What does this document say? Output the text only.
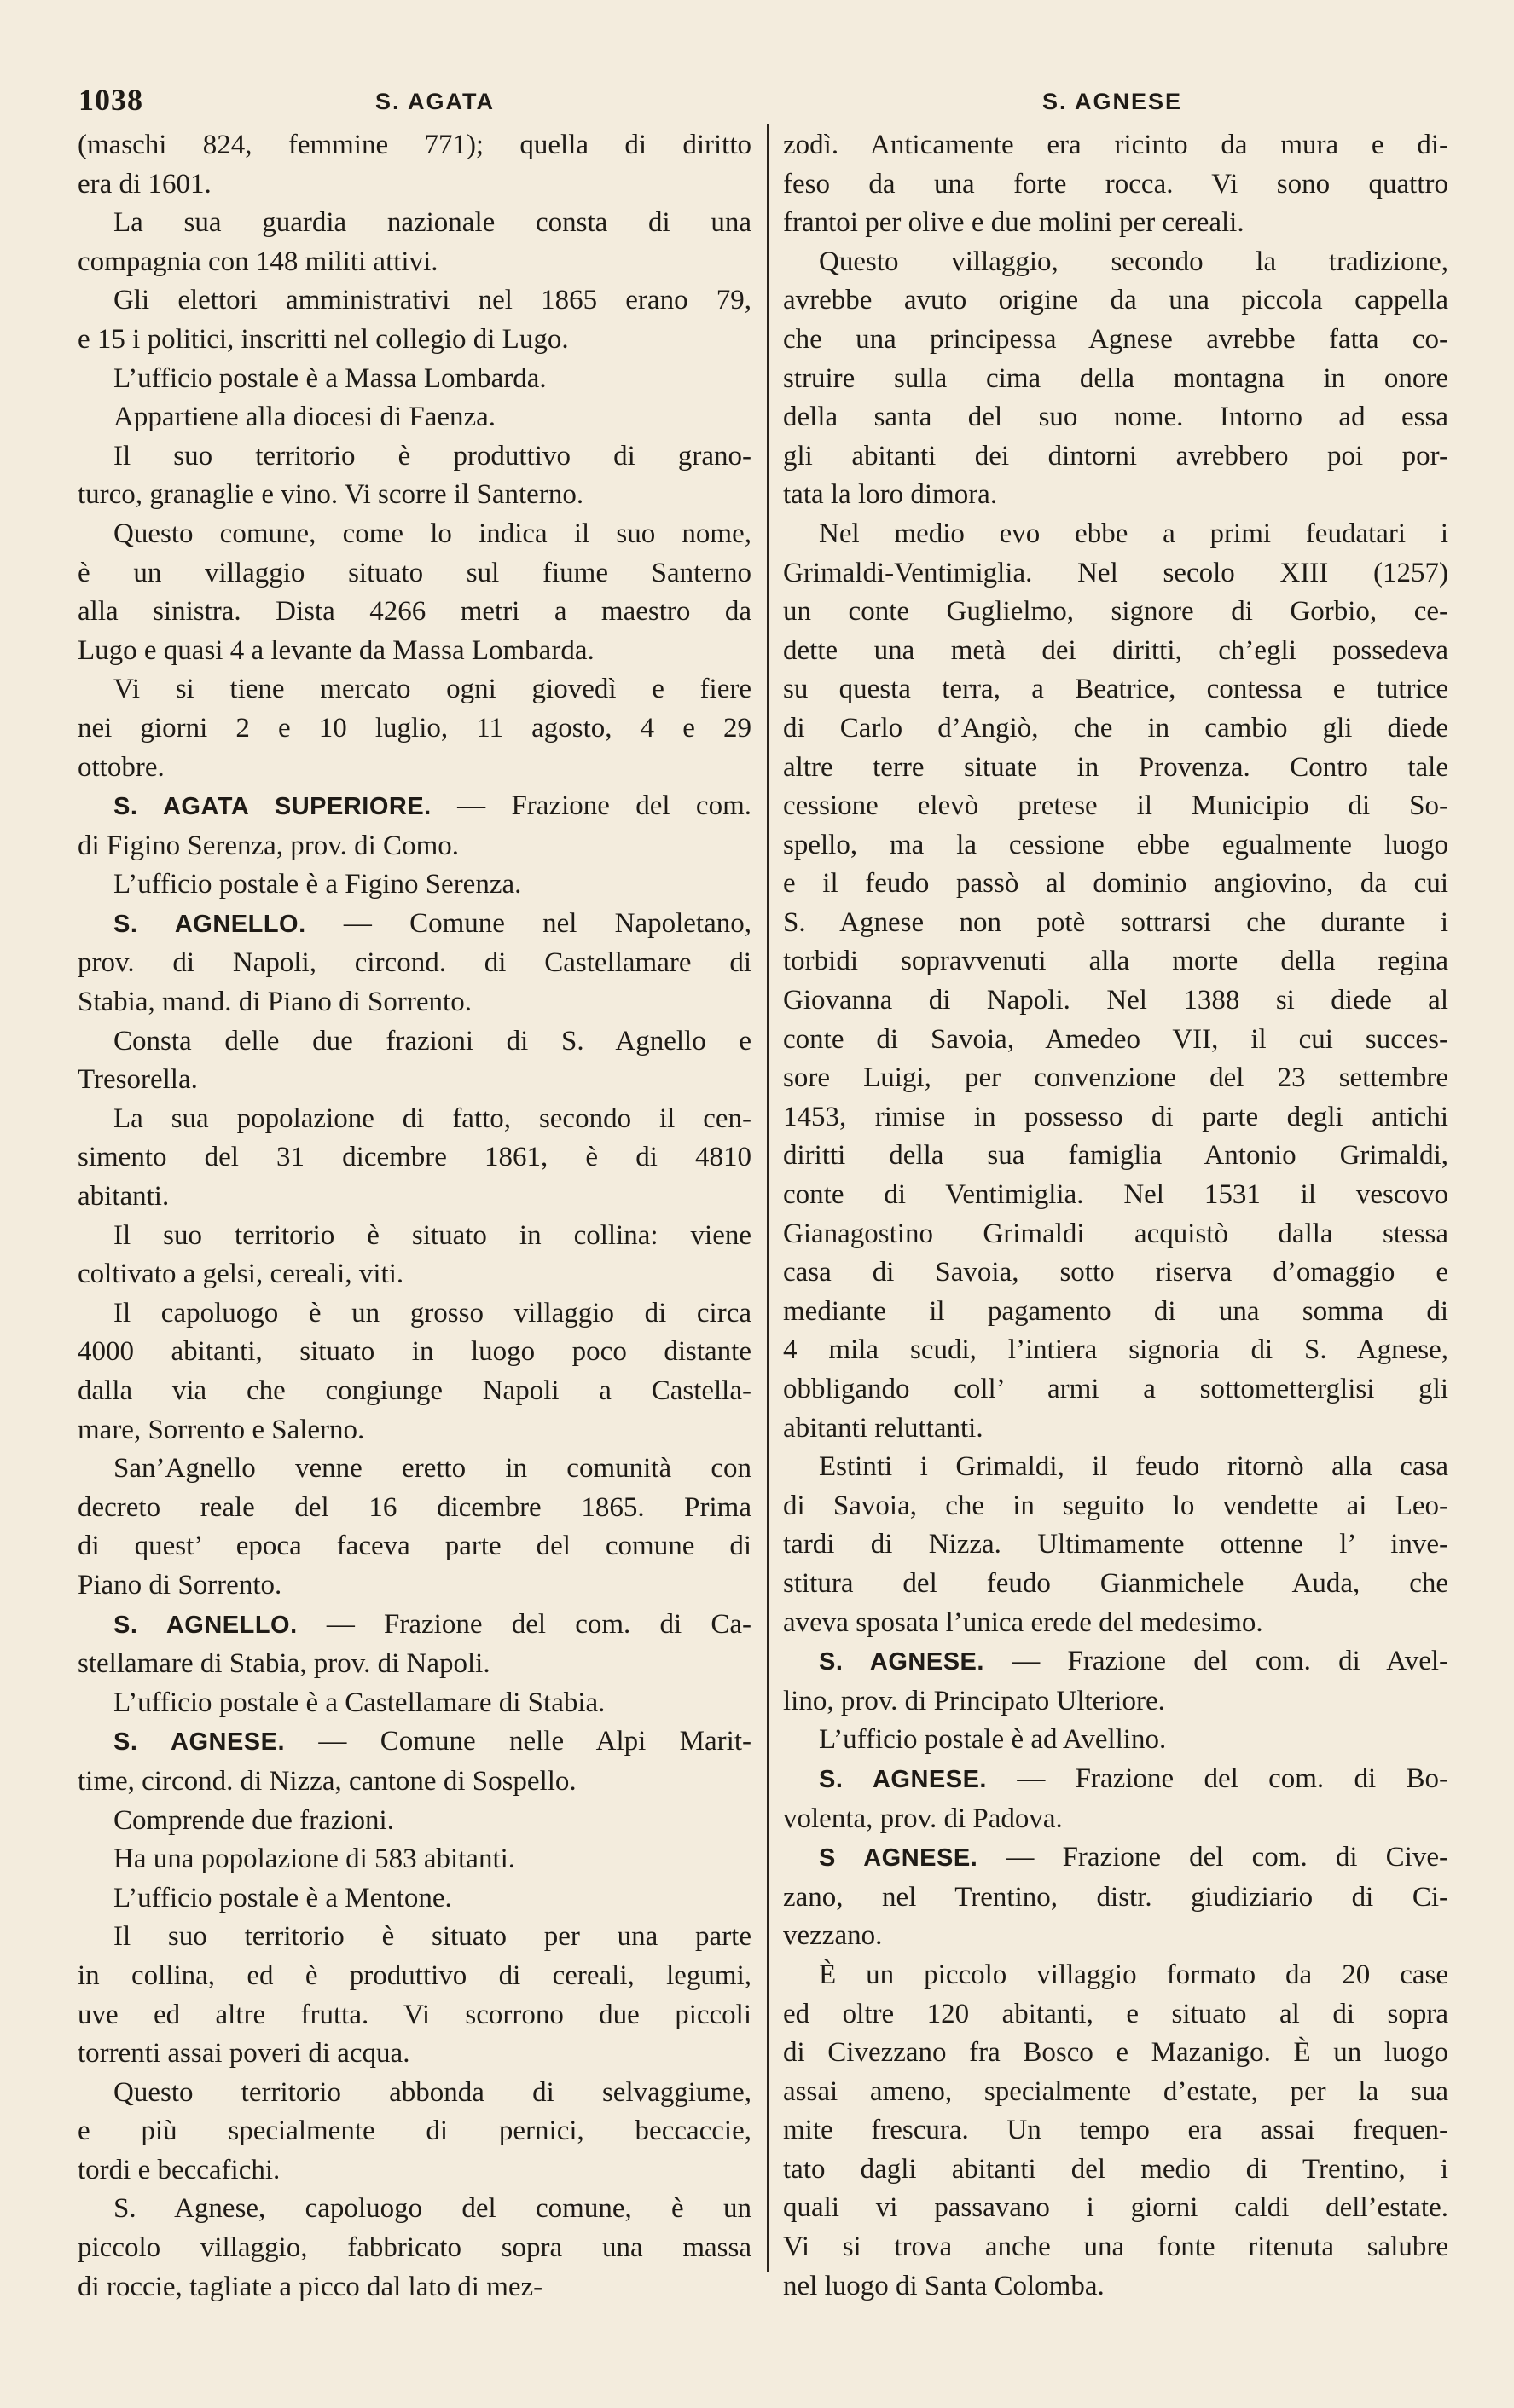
1038	S. AGATA	S. AGNESE
(maschi 824, femmine 771); quella di diritto
era di 1601.
La sua guardia nazionale consta di una
compagnia con 148 militi attivi.
Gli elettori amministrativi nel 1865 erano 79,
e 15 i politici, inscritti nel collegio di Lugo.
L’ufficio postale è a Massa Lombarda.
Appartiene alla diocesi di Faenza.
Il suo territorio è produttivo di grano-
turco, granaglie e vino. Vi scorre il Santerno.
Questo comune, come lo indica il suo nome,
è un villaggio situato sul fiume Santerno
alla sinistra. Dista 4266 metri a maestro da
Lugo e quasi 4 a levante da Massa Lombarda.
Vi si tiene mercato ogni giovedì e fiere
nei giorni 2 e 10 luglio, 11 agosto, 4 e 29
ottobre.
S. AGATA SUPERIORE. — Frazione del com.
di Figino Serenza, prov. di Como.
L’ufficio postale è a Figino Serenza.
S. AGNELLO. — Comune nel Napoletano,
prov. di Napoli, circond. di Castellamare di
Stabia, mand. di Piano di Sorrento.
Consta delle due frazioni di S. Agnello e
Tresorella.
La sua popolazione di fatto, secondo il cen-
simento del 31 dicembre 1861, è di 4810
abitanti.
Il suo territorio è situato in collina: viene
coltivato a gelsi, cereali, viti.
Il capoluogo è un grosso villaggio di circa
4000 abitanti, situato in luogo poco distante
dalla via che congiunge Napoli a Castella-
mare, Sorrento e Salerno.
San’Agnello venne eretto in comunità con
decreto reale del 16 dicembre 1865. Prima
di quest’ epoca faceva parte del comune di
Piano di Sorrento.
S. AGNELLO. — Frazione del com. di Ca-
stellamare di Stabia, prov. di Napoli.
L’ufficio postale è a Castellamare di Stabia.
S. AGNESE. — Comune nelle Alpi Marit-
time, circond. di Nizza, cantone di Sospello.
Comprende due frazioni.
Ha una popolazione di 583 abitanti.
L’ufficio postale è a Mentone.
Il suo territorio è situato per una parte
in collina, ed è produttivo di cereali, legumi,
uve ed altre frutta. Vi scorrono due piccoli
torrenti assai poveri di acqua.
Questo territorio abbonda di selvaggiume,
e più specialmente di pernici, beccaccie,
tordi e beccafichi.
S. Agnese, capoluogo del comune, è un
piccolo villaggio, fabbricato sopra una massa
di roccie, tagliate a picco dal lato di mez-
zodì. Anticamente era ricinto da mura e di-
feso da una forte rocca. Vi sono quattro
frantoi per olive e due molini per cereali.
Questo villaggio, secondo la tradizione,
avrebbe avuto origine da una piccola cappella
che una principessa Agnese avrebbe fatta co-
struire sulla cima della montagna in onore
della santa del suo nome. Intorno ad essa
gli abitanti dei dintorni avrebbero poi por-
tata la loro dimora.
Nel medio evo ebbe a primi feudatari i
Grimaldi-Ventimiglia. Nel secolo XIII (1257)
un conte Guglielmo, signore di Gorbio, ce-
dette una metà dei diritti, ch’egli possedeva
su questa terra, a Beatrice, contessa e tutrice
di Carlo d’Angiò, che in cambio gli diede
altre terre situate in Provenza. Contro tale
cessione elevò pretese il Municipio di So-
spello, ma la cessione ebbe egualmente luogo
e il feudo passò al dominio angiovino, da cui
S. Agnese non potè sottrarsi che durante i
torbidi sopravvenuti alla morte della regina
Giovanna di Napoli. Nel 1388 si diede al
conte di Savoia, Amedeo VII, il cui succes-
sore Luigi, per convenzione del 23 settembre
1453, rimise in possesso di parte degli antichi
diritti della sua famiglia Antonio Grimaldi,
conte di Ventimiglia. Nel 1531 il vescovo
Gianagostino Grimaldi acquistò dalla stessa
casa di Savoia, sotto riserva d’omaggio e
mediante il pagamento di una somma di
4 mila scudi, l’intiera signoria di S. Agnese,
obbligando coll’ armi a sottometterglisi gli
abitanti reluttanti.
Estinti i Grimaldi, il feudo ritornò alla casa
di Savoia, che in seguito lo vendette ai Leo-
tardi di Nizza. Ultimamente ottenne l’ inve-
stitura del feudo Gianmichele Auda, che
aveva sposata l’unica erede del medesimo.
S. AGNESE. — Frazione del com. di Avel-
lino, prov. di Principato Ulteriore.
L’ufficio postale è ad Avellino.
S. AGNESE. — Frazione del com. di Bo-
volenta, prov. di Padova.
S AGNESE. — Frazione del com. di Cive-
zano, nel Trentino, distr. giudiziario di Ci-
vezzano.
È un piccolo villaggio formato da 20 case
ed oltre 120 abitanti, e situato al di sopra
di Civezzano fra Bosco e Mazanigo. È un luogo
assai ameno, specialmente d’estate, per la sua
mite frescura. Un tempo era assai frequen-
tato dagli abitanti del medio di Trentino, i
quali vi passavano i giorni caldi dell’estate.
Vi si trova anche una fonte ritenuta salubre
nel luogo di Santa Colomba.
